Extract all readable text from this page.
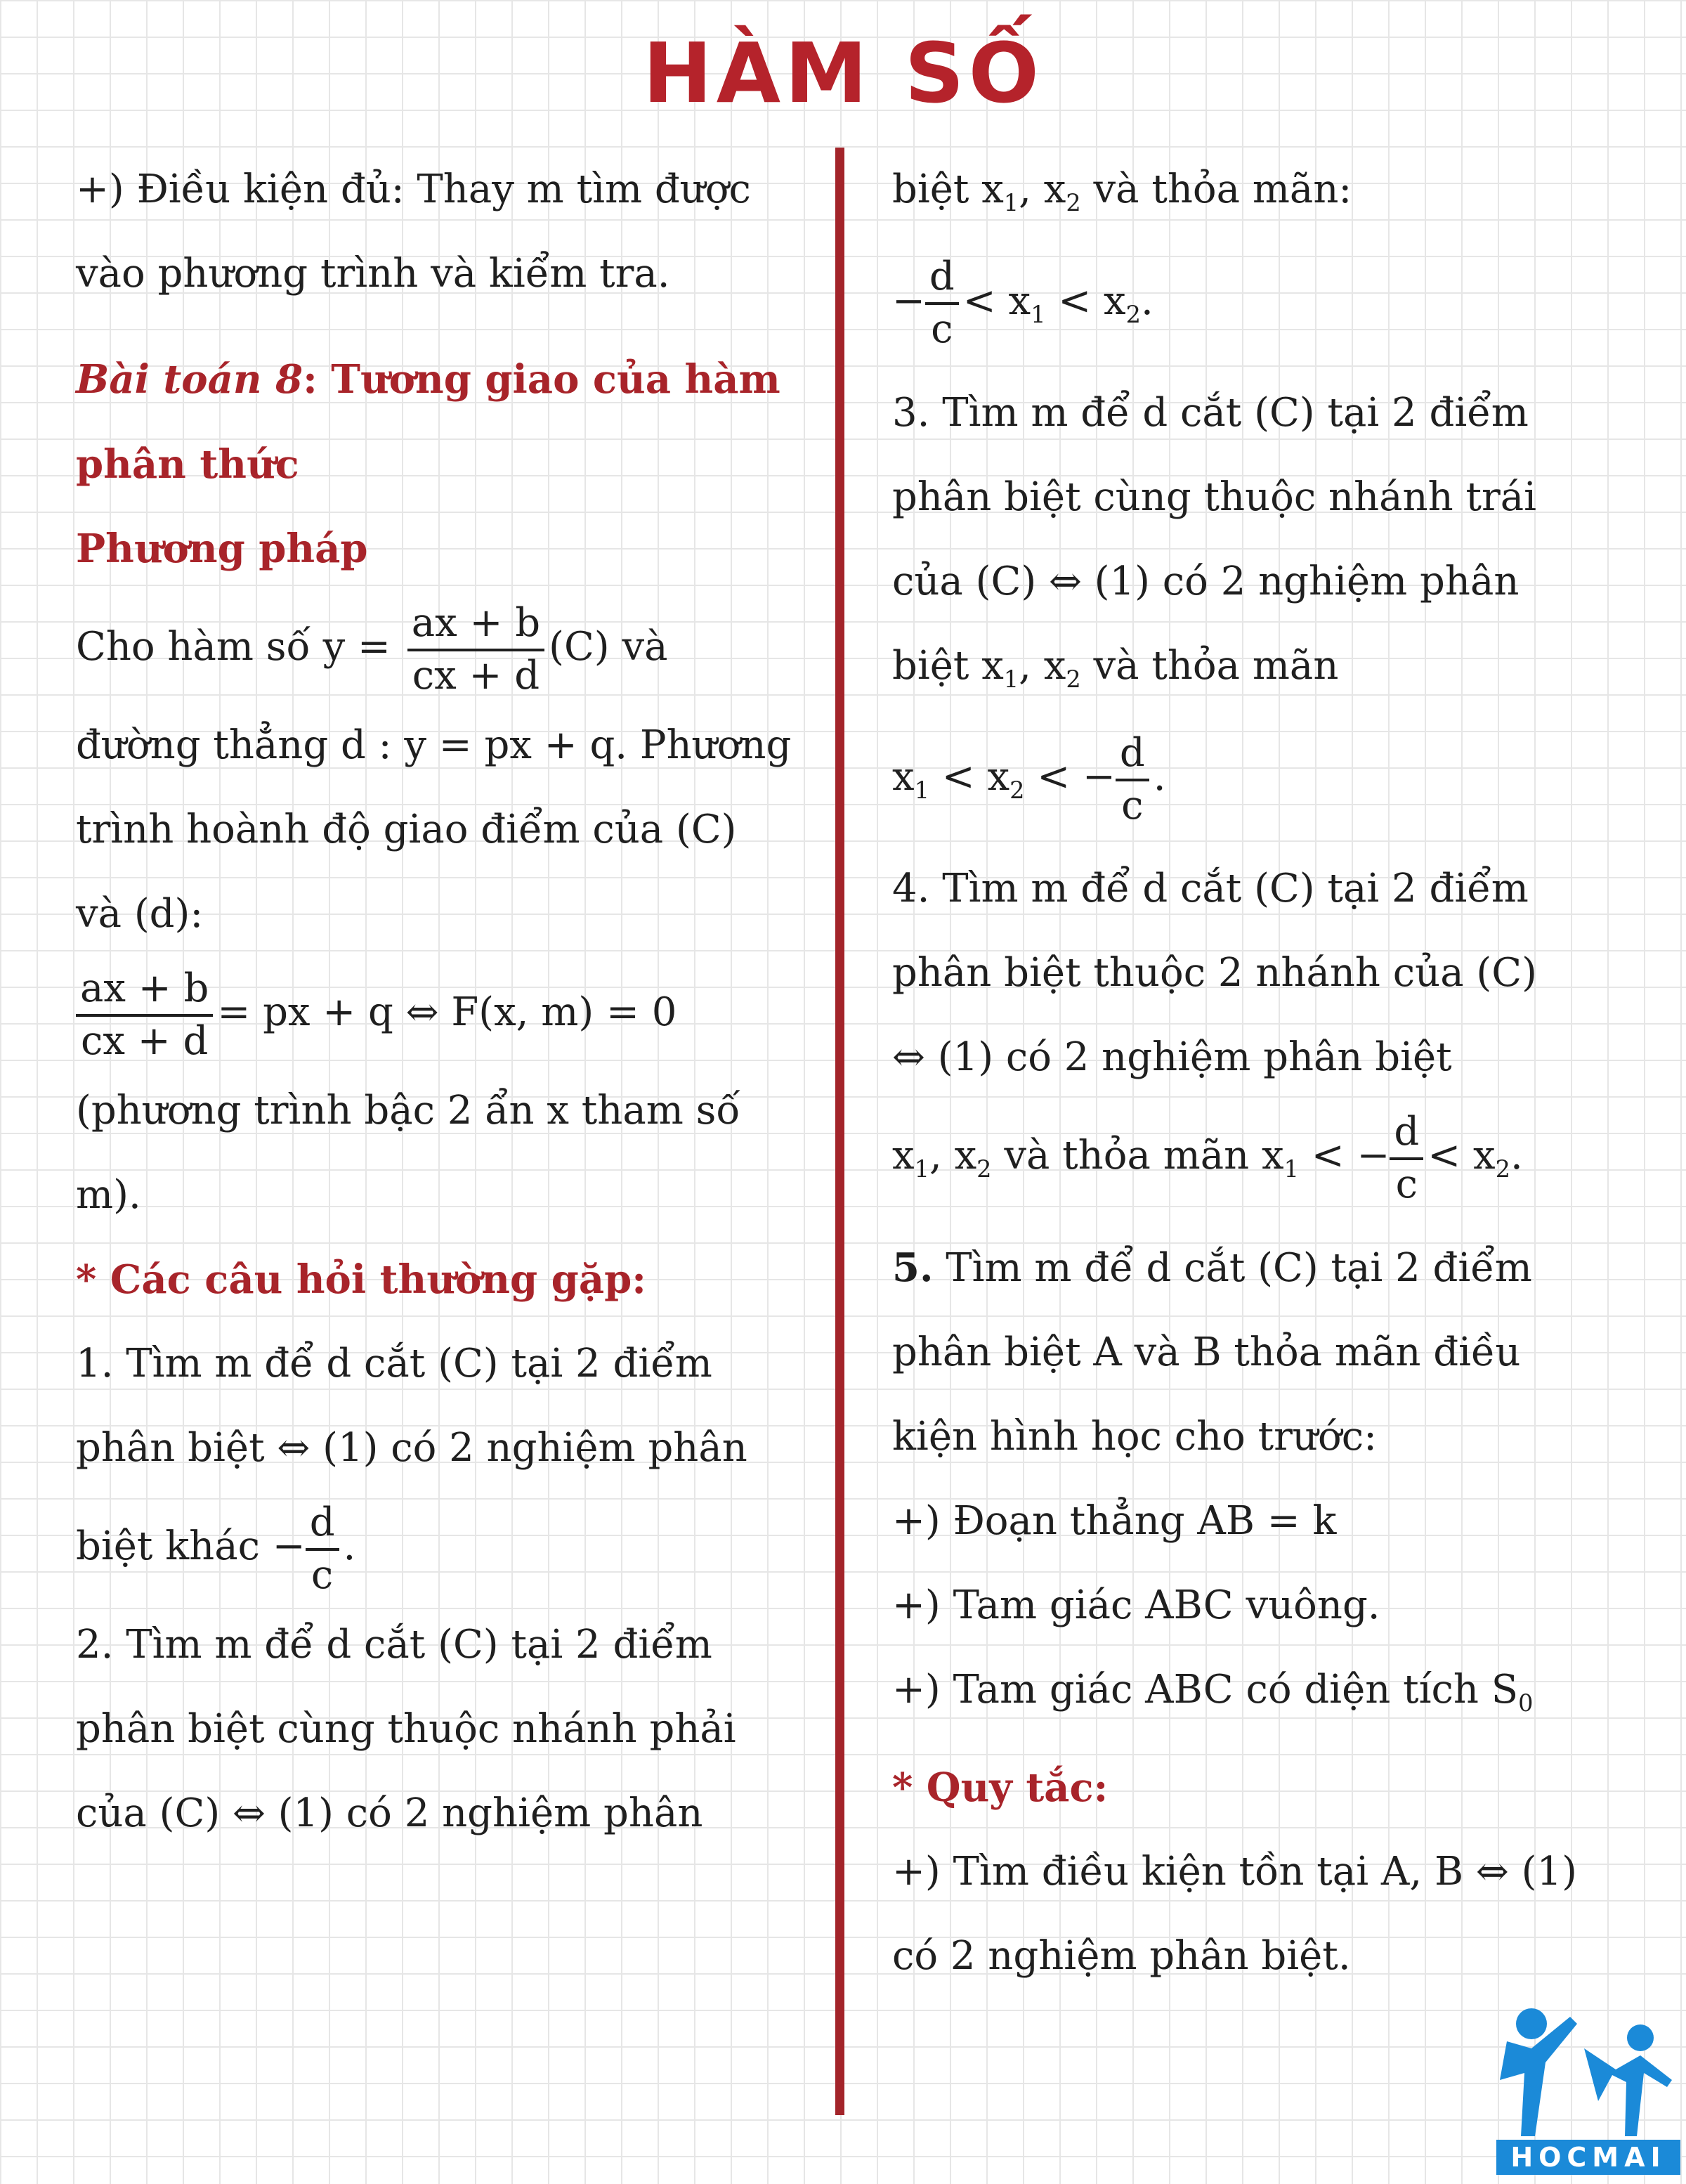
HÀM SỐ
+) Điều kiện đủ: Thay m tìm được
vào phương trình và kiểm tra.
Bài toán 8: Tương giao của hàm
phân thức
Phương pháp
Cho hàm số $y = \frac{ax + b}{cx + d} (C)$ và
đường thẳng d : y = px + q. Phương
trình hoành độ giao điểm của (C)
và (d):
$\frac{ax + b}{cx + d}$ = px + q ⇔ F(x, m) = 0
(phương trình bậc 2 ẩn x tham số
m).
* Các câu hỏi thường gặp:
1. Tìm m để d cắt (C) tại 2 điểm
phân biệt ⇔ (1) có 2 nghiệm phân
biệt khác − $\frac{d}{c}$ .
2. Tìm m để d cắt (C) tại 2 điểm
phân biệt cùng thuộc nhánh phải
của (C) ⇔ (1) có 2 nghiệm phân
biệt $x_1$, $x_2$ và thỏa mãn:
− $\frac{d}{c} < x_1 < x_2$.
3. Tìm m để d cắt (C) tại 2 điểm
phân biệt cùng thuộc nhánh trái
của (C) ⇔ (1) có 2 nghiệm phân
biệt $x_1$, $x_2$ và thỏa mãn
$x_1 < x_2$ < − $\frac{d}{c}$ .
4. Tìm m để d cắt (C) tại 2 điểm
phân biệt thuộc 2 nhánh của (C)
⇔ (1) có 2 nghiệm phân biệt
$x_1$, $x_2$ và thỏa mãn $x_1$ < − $\frac{d}{c} < x_2$.
5. Tìm m để d cắt (C) tại 2 điểm
phân biệt A và B thỏa mãn điều
kiện hình học cho trước:
+) Đoạn thẳng AB = k
+) Tam giác ABC vuông.
+) Tam giác ABC có diện tích $S_0$
* Quy tắc:
+) Tìm điều kiện tồn tại A, B ⇔ (1)
có 2 nghiệm phân biệt.
HOCMAI
